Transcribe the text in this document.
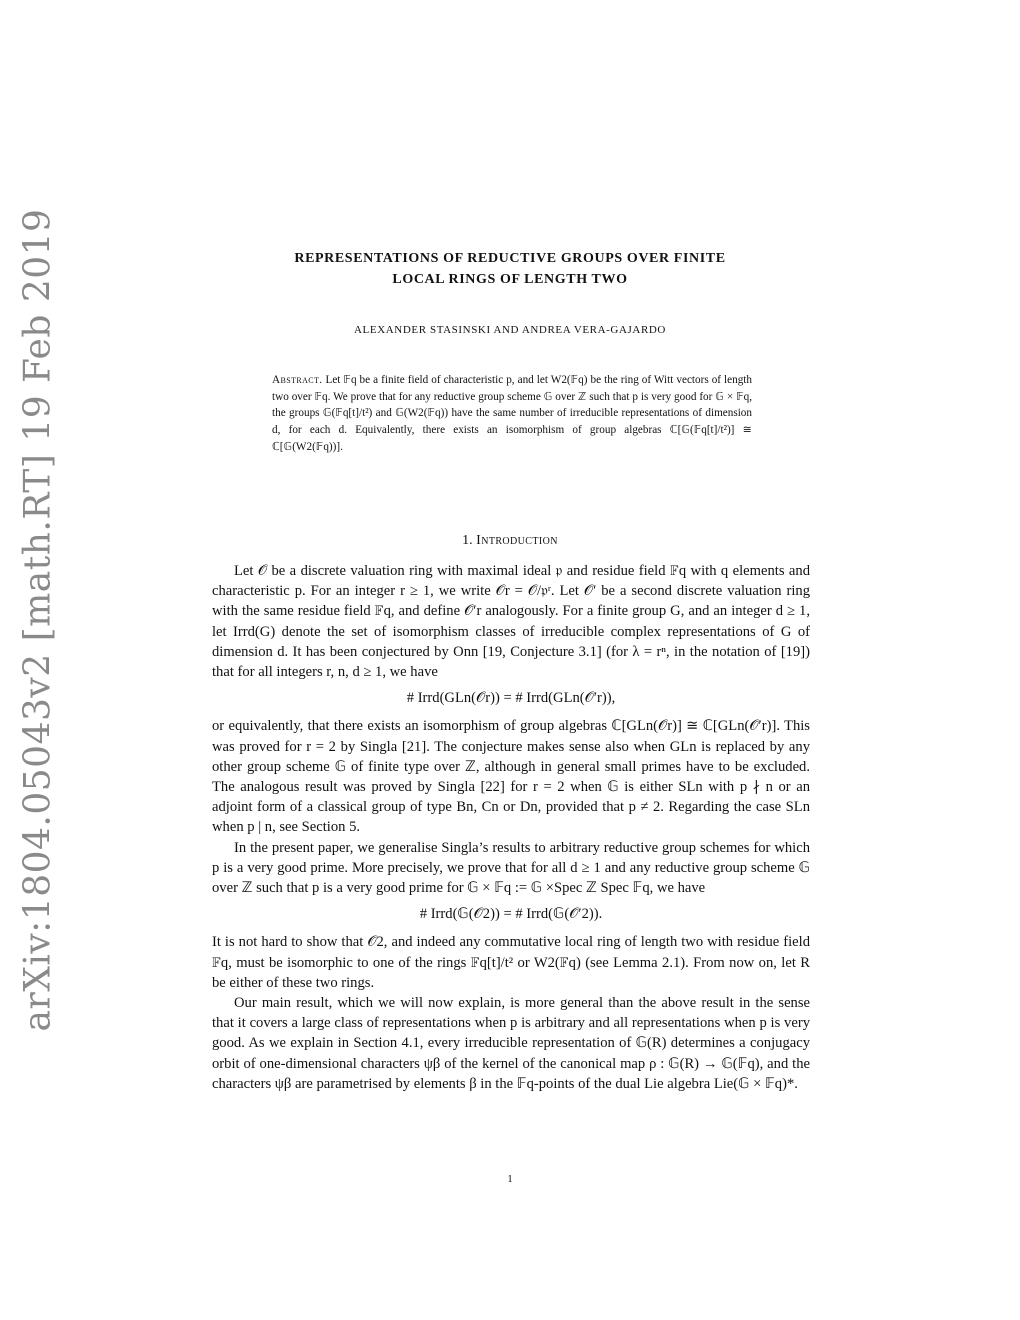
arXiv:1804.05043v2 [math.RT] 19 Feb 2019	REPRESENTATIONS OF REDUCTIVE GROUPS OVER FINITE
LOCAL RINGS OF LENGTH TWO
ALEXANDER STASINSKI AND ANDREA VERA-GAJARDO
Abstract. Let 𝔽q be a finite field of characteristic p, and let W2(𝔽q) be the ring of Witt vectors of length two over 𝔽q. We prove that for any reductive group scheme 𝔾 over ℤ such that p is very good for 𝔾 × 𝔽q, the groups 𝔾(𝔽q[t]/t²) and 𝔾(W2(𝔽q)) have the same number of irreducible representations of dimension d, for each d. Equivalently, there exists an isomorphism of group algebras ℂ[𝔾(𝔽q[t]/t²)] ≅ ℂ[𝔾(W2(𝔽q))].
1. Introduction

Let 𝒪 be a discrete valuation ring with maximal ideal 𝔭 and residue field 𝔽q with q elements and characteristic p. For an integer r ≥ 1, we write 𝒪r = 𝒪/𝔭ʳ. Let 𝒪′ be a second discrete valuation ring with the same residue field 𝔽q, and define 𝒪′r analogously. For a finite group G, and an integer d ≥ 1, let Irrd(G) denote the set of isomorphism classes of irreducible complex representations of G of dimension d. It has been conjectured by Onn [19, Conjecture 3.1] (for λ = rⁿ, in the notation of [19]) that for all integers r, n, d ≥ 1, we have

# Irrd(GLn(𝒪r)) = # Irrd(GLn(𝒪′r)),

or equivalently, that there exists an isomorphism of group algebras ℂ[GLn(𝒪r)] ≅ ℂ[GLn(𝒪′r)]. This was proved for r = 2 by Singla [21]. The conjecture makes sense also when GLn is replaced by any other group scheme 𝔾 of finite type over ℤ, although in general small primes have to be excluded. The analogous result was proved by Singla [22] for r = 2 when 𝔾 is either SLn with p ∤ n or an adjoint form of a classical group of type Bn, Cn or Dn, provided that p ≠ 2. Regarding the case SLn when p | n, see Section 5.

In the present paper, we generalise Singla’s results to arbitrary reductive group schemes for which p is a very good prime. More precisely, we prove that for all d ≥ 1 and any reductive group scheme 𝔾 over ℤ such that p is a very good prime for 𝔾 × 𝔽q := 𝔾 ×Spec ℤ Spec 𝔽q, we have

# Irrd(𝔾(𝒪2)) = # Irrd(𝔾(𝒪′2)).

It is not hard to show that 𝒪2, and indeed any commutative local ring of length two with residue field 𝔽q, must be isomorphic to one of the rings 𝔽q[t]/t² or W2(𝔽q) (see Lemma 2.1). From now on, let R be either of these two rings.

Our main result, which we will now explain, is more general than the above result in the sense that it covers a large class of representations when p is arbitrary and all representations when p is very good. As we explain in Section 4.1, every irreducible representation of 𝔾(R) determines a conjugacy orbit of one-dimensional characters ψβ of the kernel of the canonical map ρ : 𝔾(R) → 𝔾(𝔽q), and the characters ψβ are parametrised by elements β in the 𝔽q-points of the dual Lie algebra Lie(𝔾 × 𝔽q)*.

1
